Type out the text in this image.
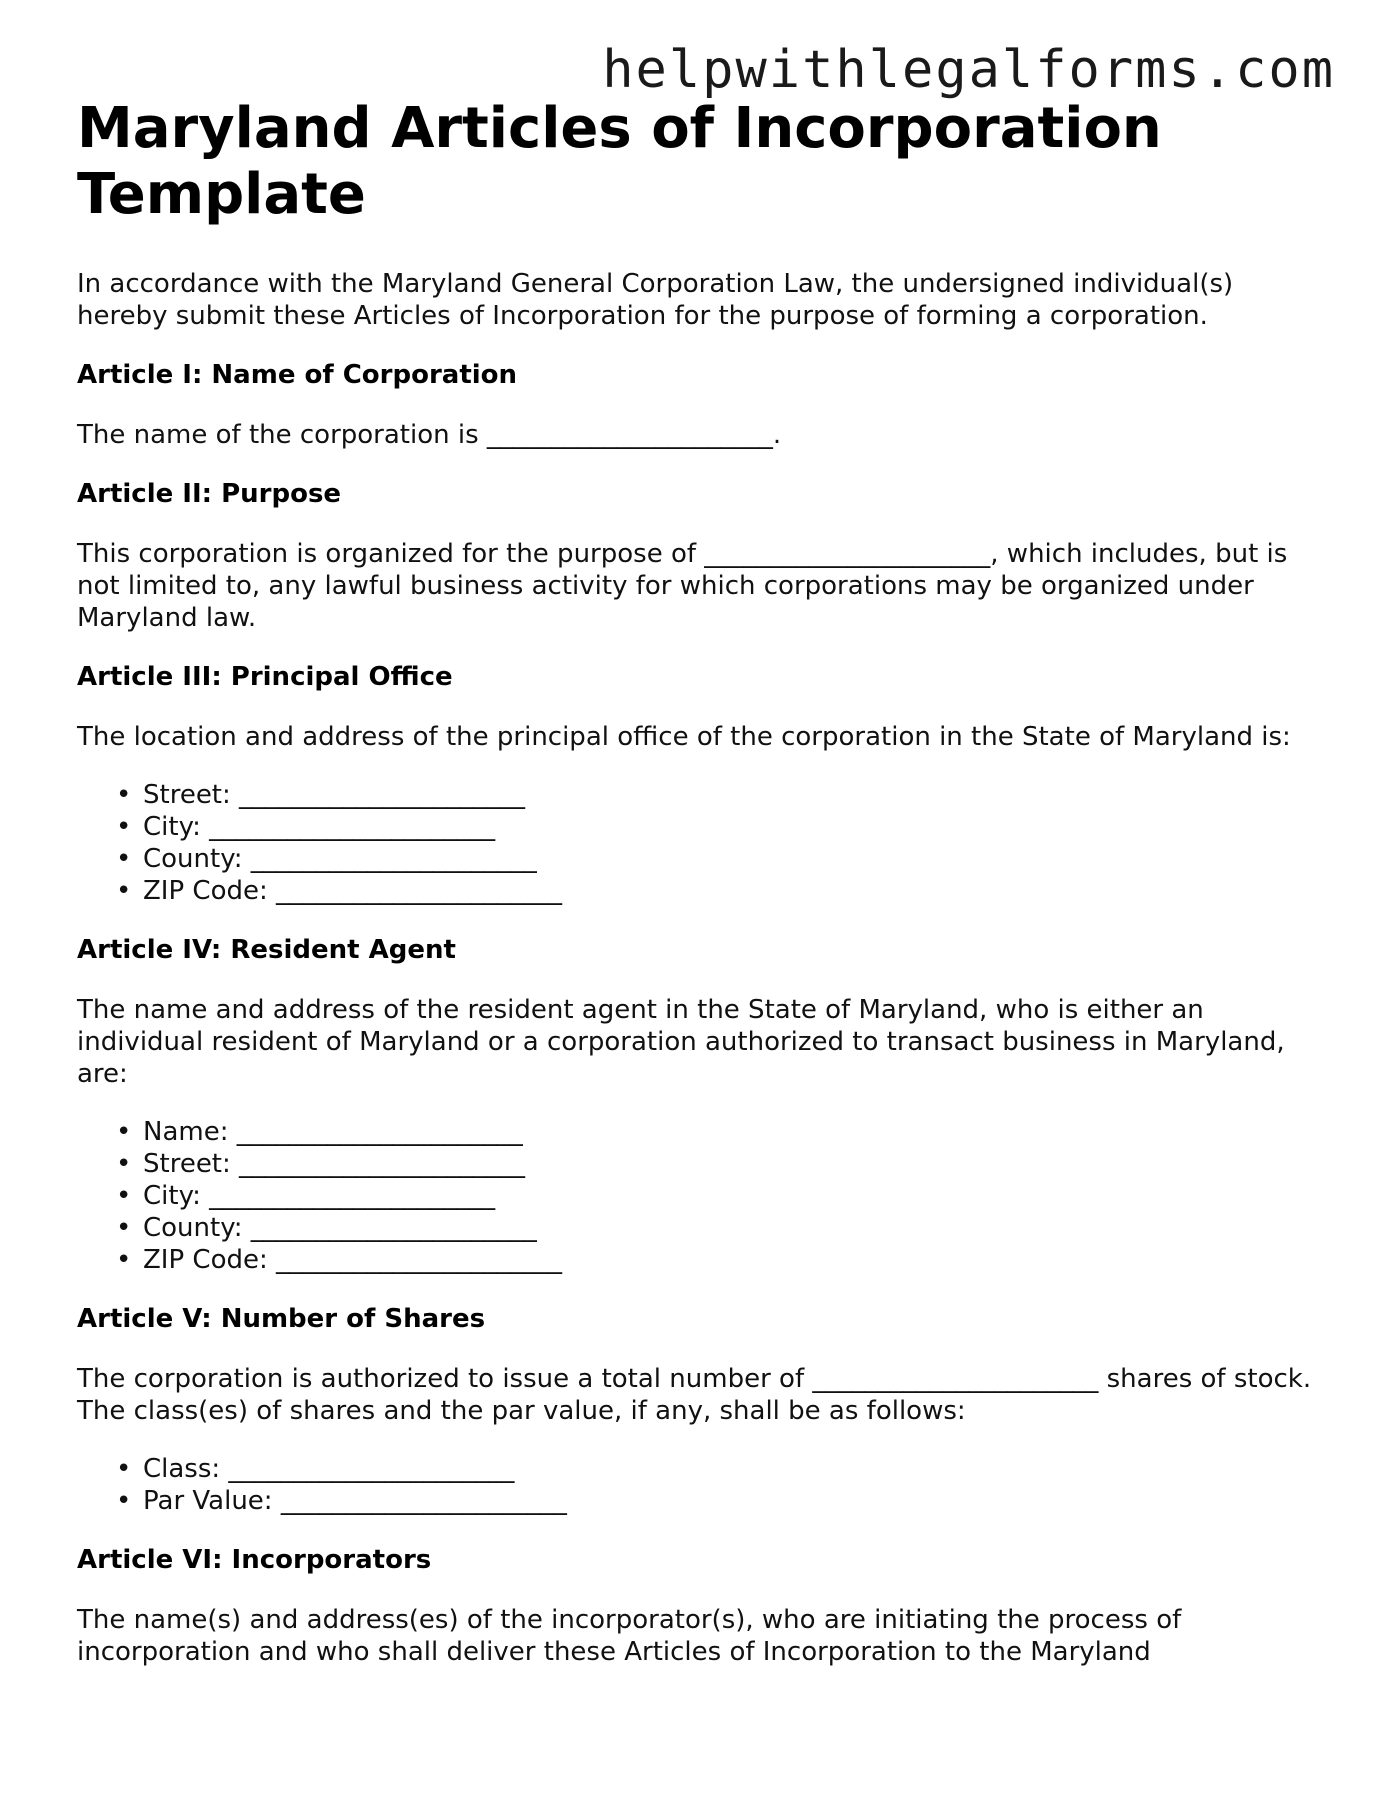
helpwithlegalforms.com
Maryland Articles of Incorporation Template

In accordance with the Maryland General Corporation Law, the undersigned individual(s) hereby submit these Articles of Incorporation for the purpose of forming a corporation.

Article I: Name of Corporation

The name of the corporation is ______________________.

Article II: Purpose

This corporation is organized for the purpose of ______________________, which includes, but is not limited to, any lawful business activity for which corporations may be organized under Maryland law.

Article III: Principal Office

The location and address of the principal office of the corporation in the State of Maryland is:

• Street: ______________________
• City: ______________________
• County: ______________________
• ZIP Code: ______________________
Article IV: Resident Agent

The name and address of the resident agent in the State of Maryland, who is either an individual resident of Maryland or a corporation authorized to transact business in Maryland, are:

• Name: ______________________
• Street: ______________________
• City: ______________________
• County: ______________________
• ZIP Code: ______________________
Article V: Number of Shares

The corporation is authorized to issue a total number of ______________________ shares of stock. The class(es) of shares and the par value, if any, shall be as follows:

• Class: ______________________
• Par Value: ______________________
Article VI: Incorporators

The name(s) and address(es) of the incorporator(s), who are initiating the process of incorporation and who shall deliver these Articles of Incorporation to the Maryland
